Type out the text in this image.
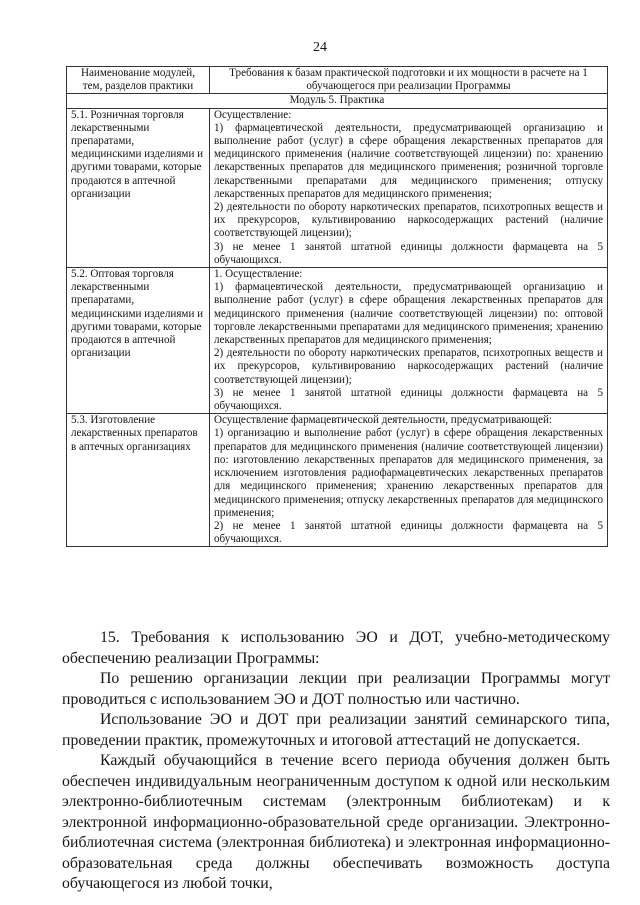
24
Наименование модулей, тем, разделов практики	Требования к базам практической подготовки и их мощности в расчете на 1 обучающегося при реализации Программы
Модуль 5. Практика	
5.1. Розничная торговля лекарственными препаратами, медицинскими изделиями и другими товарами, которые продаются в аптечной организации	Осуществление:
1) фармацевтической деятельности, предусматривающей организацию и выполнение работ (услуг) в сфере обращения лекарственных препаратов для медицинского применения (наличие соответствующей лицензии) по: хранению лекарственных препаратов для медицинского применения; розничной торговле лекарственными препаратами для медицинского применения; отпуску лекарственных препаратов для медицинского применения;
2) деятельности по обороту наркотических препаратов, психотропных веществ и их прекурсоров, культивированию наркосодержащих растений (наличие соответствующей лицензии);
3) не менее 1 занятой штатной единицы должности фармацевта на 5 обучающихся.

5.2. Оптовая торговля лекарственными препаратами, медицинскими изделиями и другими товарами, которые продаются в аптечной организации	1. Осуществление:
1) фармацевтической деятельности, предусматривающей организацию и выполнение работ (услуг) в сфере обращения лекарственных препаратов для медицинского применения (наличие соответствующей лицензии) по: оптовой торговле лекарственными препаратами для медицинского применения; хранению лекарственных препаратов для медицинского применения;
2) деятельности по обороту наркотических препаратов, психотропных веществ и их прекурсоров, культивированию наркосодержащих растений (наличие соответствующей лицензии);
3) не менее 1 занятой штатной единицы должности фармацевта на 5 обучающихся.

5.3. Изготовление лекарственных препаратов в аптечных организациях	Осуществление фармацевтической деятельности, предусматривающей:
1) организацию и выполнение работ (услуг) в сфере обращения лекарственных препаратов для медицинского применения (наличие соответствующей лицензии) по: изготовлению лекарственных препаратов для медицинского применения, за исключением изготовления радиофармацевтических лекарственных препаратов для медицинского применения; хранению лекарственных препаратов для медицинского применения; отпуску лекарственных препаратов для медицинского применения;
2) не менее 1 занятой штатной единицы должности фармацевта на 5 обучающихся.

15. Требования к использованию ЭО и ДОТ, учебно-методическому обеспечению реализации Программы:

По решению организации лекции при реализации Программы могут проводиться с использованием ЭО и ДОТ полностью или частично.

Использование ЭО и ДОТ при реализации занятий семинарского типа, проведении практик, промежуточных и итоговой аттестаций не допускается.

Каждый обучающийся в течение всего периода обучения должен быть обеспечен индивидуальным неограниченным доступом к одной или нескольким электронно-библиотечным системам (электронным библиотекам) и к электронной информационно-образовательной среде организации. Электронно-библиотечная система (электронная библиотека) и электронная информационно-образовательная среда должны обеспечивать возможность доступа обучающегося из любой точки,
